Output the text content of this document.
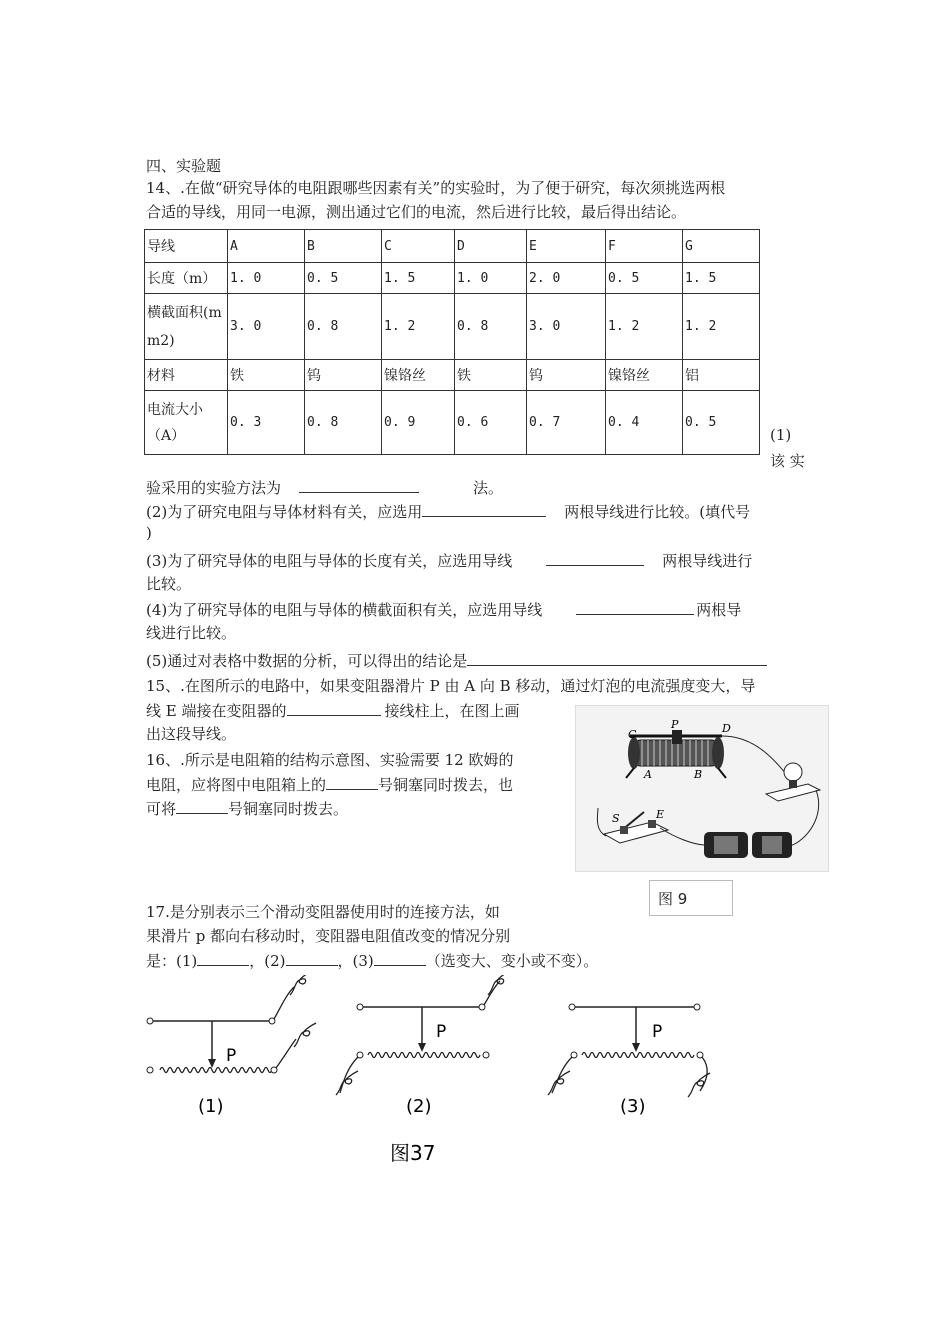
四、实验题
14、.在做“研究导体的电阻跟哪些因素有关”的实验时，为了便于研究，每次须挑选两根
合适的导线，用同一电源，测出通过它们的电流，然后进行比较，最后得出结论。
导线	A	B	C	D	E	F	G
长度（m）	1. 0	0. 5	1. 5	1. 0	2. 0	0. 5	1. 5
横截面积(m m2)	3. 0	0. 8	1. 2	0. 8	3. 0	1. 2	1. 2
材料	铁	钨	镍铬丝	铁	钨	镍铬丝	铝
电流大小（A）	0. 3	0. 8	0. 9	0. 6	0. 7	0. 4	0. 5
(1)
该 实
验采用的实验方法为	法。
(2)为了研究电阻与导体材料有关，应选用	两根导线进行比较。(填代号
)
(3)为了研究导体的电阻与导体的长度有关，应选用导线	两根导线进行
比较。
(4)为了研究导体的电阻与导体的横截面积有关，应选用导线	两根导
线进行比较。
(5)通过对表格中数据的分析，可以得出的结论是
15、.在图所示的电路中，如果变阻器滑片 P 由 A 向 B 移动，通过灯泡的电流强度变大，导
线 E 端接在变阻器的	接线柱上，在图上画
出这段导线。
16、.所示是电阻箱的结构示意图、实验需要 12 欧姆的
电阻，应将图中电阻箱上的	号铜塞同时拨去，也
可将	号铜塞同时拨去。
C
P	D
A	B
S	E
图 9
17.是分别表示三个滑动变阻器使用时的连接方法，如
果滑片 p 都向右移动时，变阻器电阻值改变的情况分别
是：(1)	，(2)	，(3)	（选变大、变小或不变）。
P
(1)
P
(2)
P
(3)
图37
